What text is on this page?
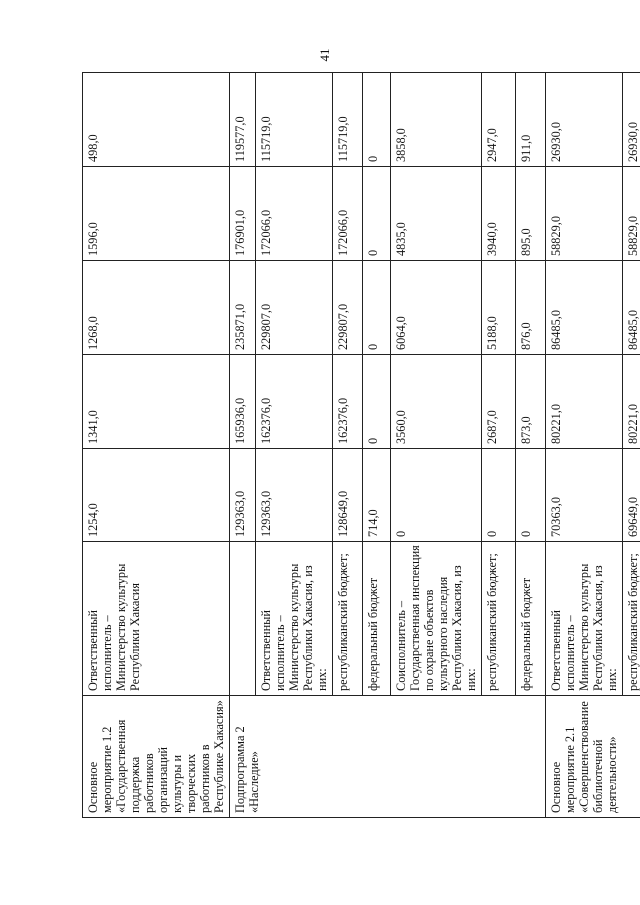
41
Основное мероприятие 1.2 «Государственная поддержка работников организаций культуры и творческих работников в Республике Хакасия»	Ответственный исполнитель – Министерство культуры Республики Хакасия	1254,0	1341,0	1268,0	1596,0	498,0
Подпрограмма 2 «Наследие»		129363,0	165936,0	235871,0	176901,0	119577,0
	Ответственный исполнитель – Министерство культуры Республики Хакасия, из них:	129363,0	162376,0	229807,0	172066,0	115719,0
	республиканский бюджет;	128649,0	162376,0	229807,0	172066,0	115719,0
	федеральный бюджет	714,0	0	0	0	0
	Соисполнитель – Государственная инспекция по охране объектов культурного наследия Республики Хакасия, из них:	0	3560,0	6064,0	4835,0	3858,0
	республиканский бюджет;	0	2687,0	5188,0	3940,0	2947,0
	федеральный бюджет	0	873,0	876,0	895,0	911,0
Основное мероприятие 2.1 «Совершенствование библиотечной деятельности»	Ответственный исполнитель – Министерство культуры Республики Хакасия, из них:	70363,0	80221,0	86485,0	58829,0	26930,0
	республиканский бюджет;	69649,0	80221,0	86485,0	58829,0	26930,0
